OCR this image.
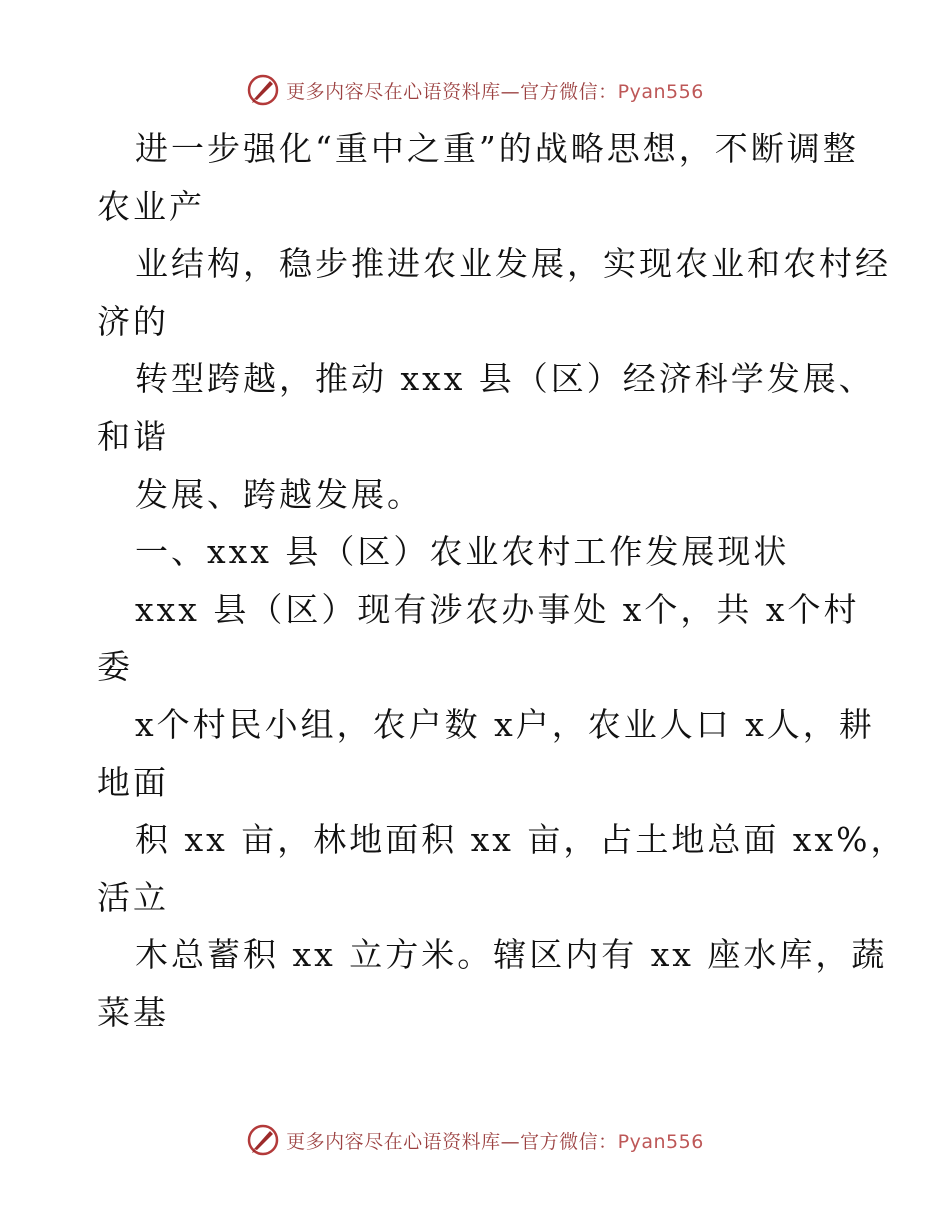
更多内容尽在心语资料库—官方微信：Pyan556
进一步强化“重中之重”的战略思想，不断调整
农业产
业结构，稳步推进农业发展，实现农业和农村经
济的
转型跨越，推动 xxx 县（区）经济科学发展、
和谐
发展、跨越发展。
一、xxx 县（区）农业农村工作发展现状
xxx 县（区）现有涉农办事处 x个，共 x个村
委
x个村民小组，农户数 x户，农业人口 x人，耕
地面
积 xx 亩，林地面积 xx 亩，占土地总面 xx%，
活立
木总蓄积 xx 立方米。辖区内有 xx 座水库，蔬
菜基
更多内容尽在心语资料库—官方微信：Pyan556
